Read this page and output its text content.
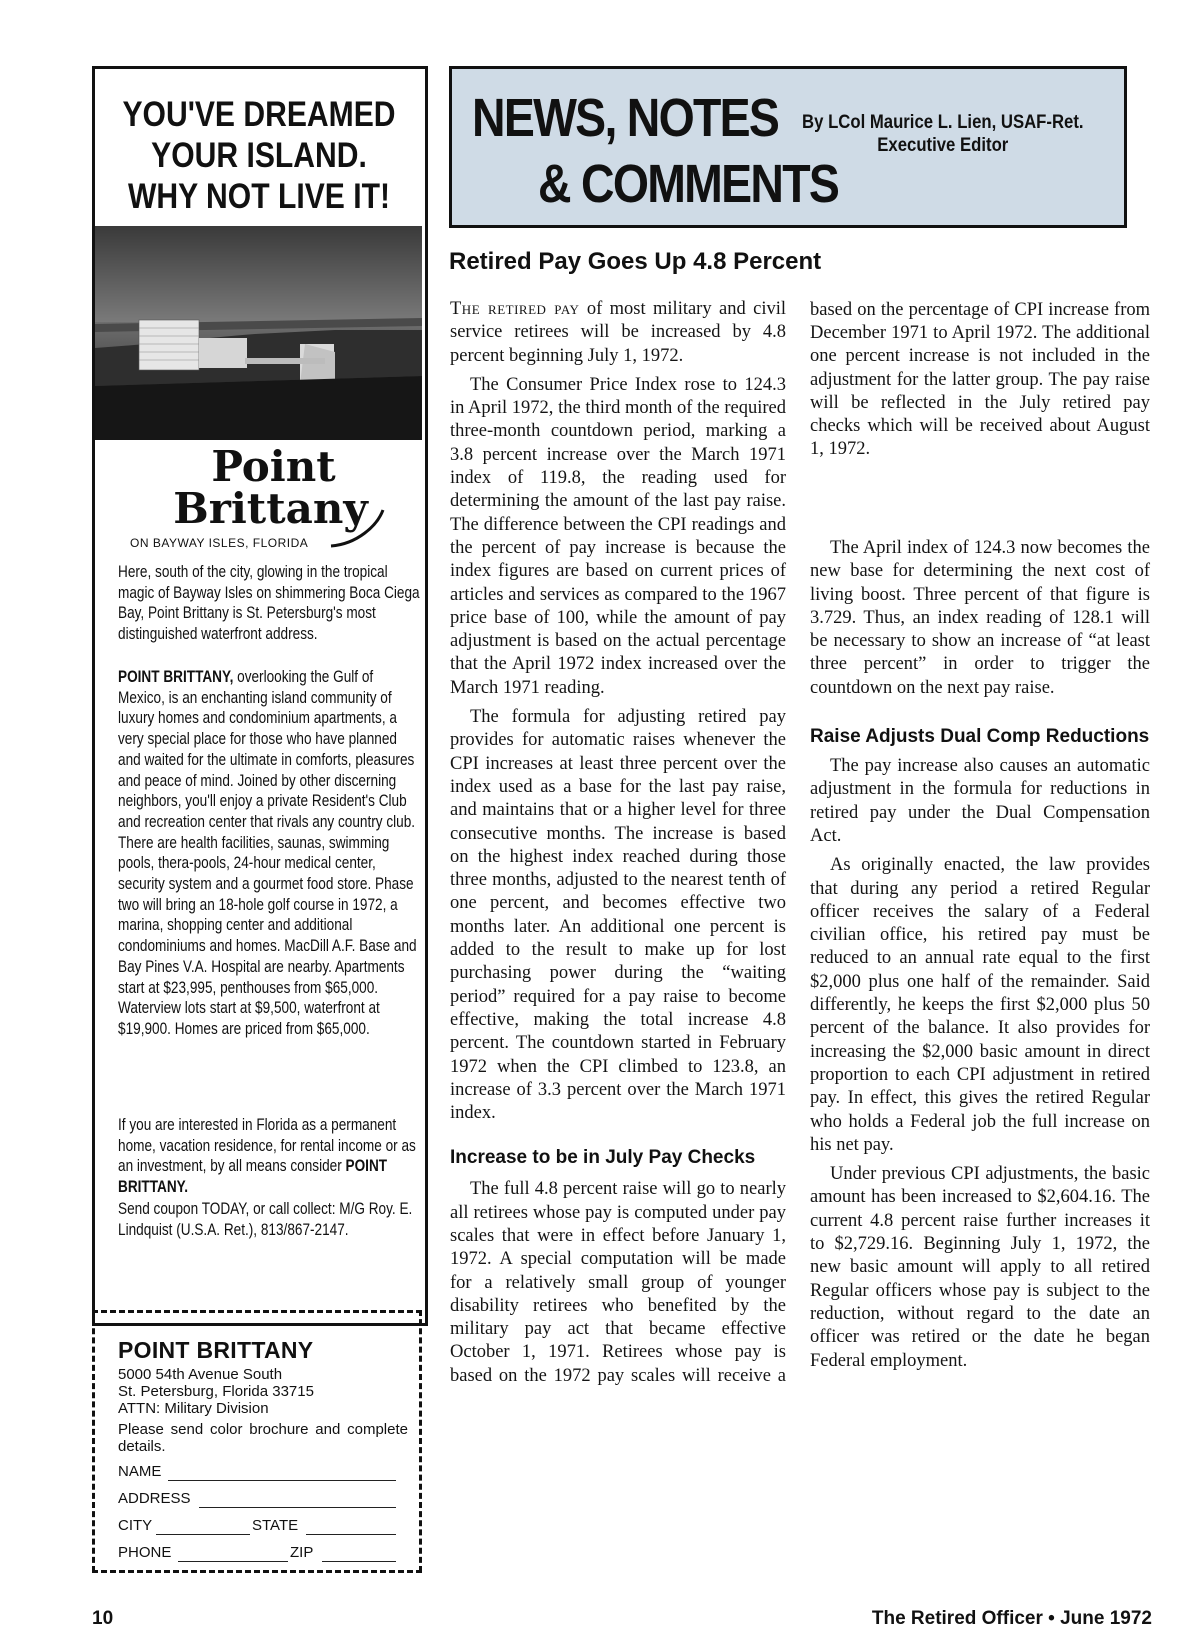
YOU'VE DREAMED
YOUR ISLAND.
WHY NOT LIVE IT!
Point
Brittany
ON BAYWAY ISLES, FLORIDA

Here, south of the city, glowing in the tropical magic of Bayway Isles on shimmering Boca Ciega Bay, Point Brittany is St. Petersburg's most distinguished waterfront address.

POINT BRITTANY, overlooking the Gulf of Mexico, is an enchanting island community of luxury homes and condominium apartments, a very special place for those who have planned and waited for the ultimate in comforts, pleasures and peace of mind. Joined by other discerning neighbors, you'll enjoy a private Resident's Club and recreation center that rivals any country club. There are health facilities, saunas, swimming pools, thera-pools, 24-hour medical center, security system and a gourmet food store. Phase two will bring an 18-hole golf course in 1972, a marina, shopping center and additional condominiums and homes. MacDill A.F. Base and Bay Pines V.A. Hospital are nearby. Apartments start at $23,995, penthouses from $65,000. Waterview lots start at $9,500, waterfront at $19,900. Homes are priced from $65,000.

If you are interested in Florida as a permanent home, vacation residence, for rental income or as an investment, by all means consider POINT BRITTANY.

Send coupon TODAY, or call collect: M/G Roy. E. Lindquist (U.S.A. Ret.), 813/867-2147.

POINT BRITTANY
5000 54th Avenue South
St. Petersburg, Florida 33715
ATTN: Military Division
Please send color brochure and complete details.
NAME
ADDRESS
CITY	STATE
PHONE	ZIP
NEWS, NOTES
& COMMENTS
By LCol Maurice L. Lien, USAF-Ret.
Executive Editor
Retired Pay Goes Up 4.8 Percent

The retired pay of most military and civil service retirees will be increased by 4.8 percent beginning July 1, 1972.

The Consumer Price Index rose to 124.3 in April 1972, the third month of the required three-month countdown period, marking a 3.8 percent increase over the March 1971 index of 119.8, the reading used for determining the amount of the last pay raise. The difference between the CPI readings and the percent of pay increase is because the index figures are based on current prices of articles and services as compared to the 1967 price base of 100, while the amount of pay adjustment is based on the actual percentage that the April 1972 index increased over the March 1971 reading.

The formula for adjusting retired pay provides for automatic raises whenever the CPI increases at least three percent over the index used as a base for the last pay raise, and maintains that or a higher level for three consecutive months. The increase is based on the highest index reached during those three months, adjusted to the nearest tenth of one percent, and becomes effective two months later. An additional one percent is added to the result to make up for lost purchasing power during the “waiting period” required for a pay raise to become effective, making the total increase 4.8 percent. The countdown started in February 1972 when the CPI climbed to 123.8, an increase of 3.3 percent over the March 1971 index.

Increase to be in July Pay Checks

The full 4.8 percent raise will go to nearly all retirees whose pay is computed under pay scales that were in effect before January 1, 1972. A special computation will be made for a relatively small group of younger disability retirees who benefited by the military pay act that became effective October 1, 1971. Retirees whose pay is based on the 1972 pay scales will receive a

based on the percentage of CPI increase from December 1971 to April 1972. The additional one percent increase is not included in the adjustment for the latter group. The pay raise will be reflected in the July retired pay checks which will be received about August 1, 1972.

The April index of 124.3 now becomes the new base for determining the next cost of living boost. Three percent of that figure is 3.729. Thus, an index reading of 128.1 will be necessary to show an increase of “at least three percent” in order to trigger the countdown on the next pay raise.

Raise Adjusts Dual Comp Reductions

The pay increase also causes an automatic adjustment in the formula for reductions in retired pay under the Dual Compensation Act.

As originally enacted, the law provides that during any period a retired Regular officer receives the salary of a Federal civilian office, his retired pay must be reduced to an annual rate equal to the first $2,000 plus one half of the remainder. Said differently, he keeps the first $2,000 plus 50 percent of the balance. It also provides for increasing the $2,000 basic amount in direct proportion to each CPI adjustment in retired pay. In effect, this gives the retired Regular who holds a Federal job the full increase on his net pay.

Under previous CPI adjustments, the basic amount has been increased to $2,604.16. The current 4.8 percent raise further increases it to $2,729.16. Beginning July 1, 1972, the new basic amount will apply to all retired Regular officers whose pay is subject to the reduction, without regard to the date an officer was retired or the date he began Federal employment.

10	The Retired Officer • June 1972
